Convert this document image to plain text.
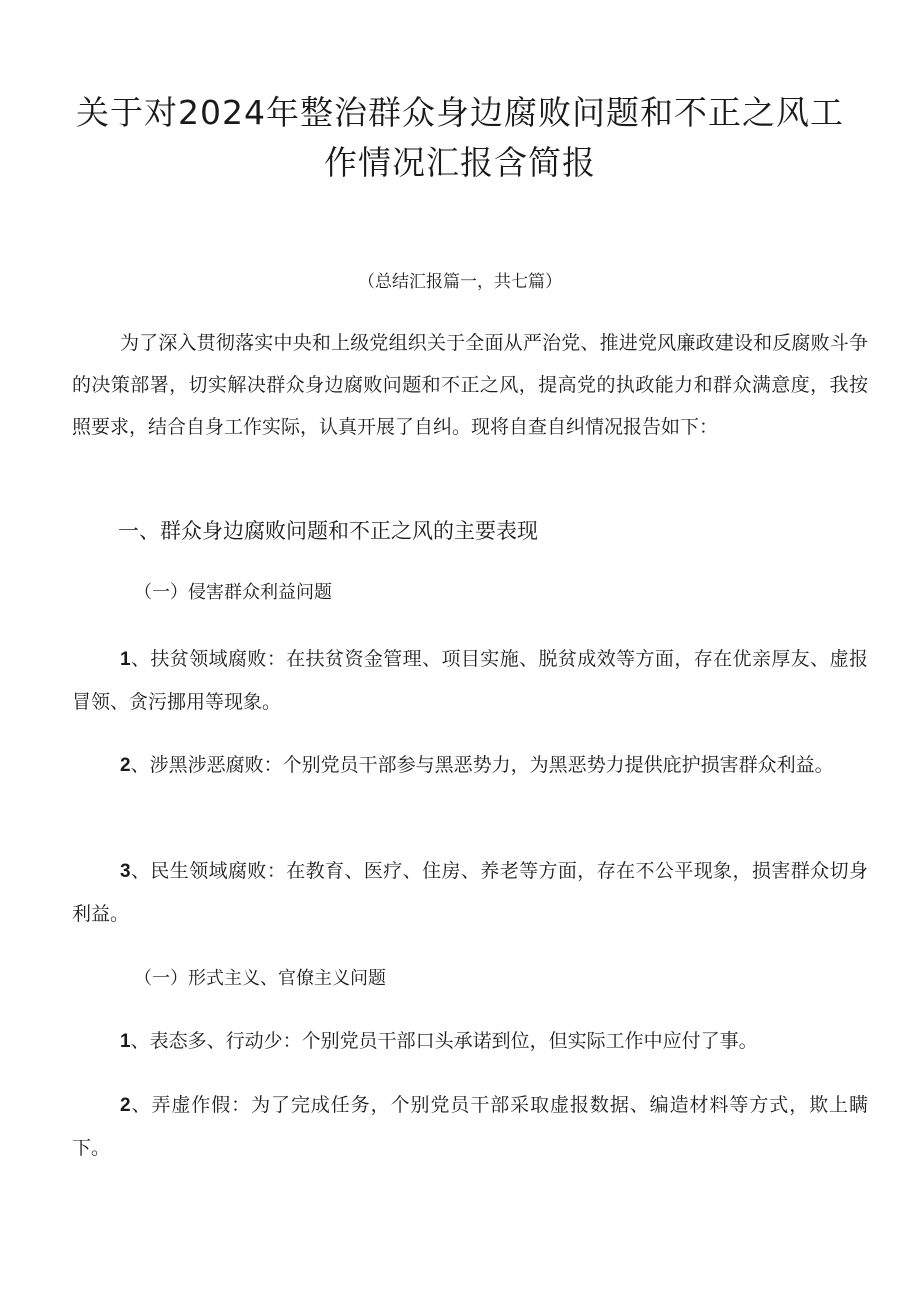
关于对2024年整治群众身边腐败问题和不正之风工
作情况汇报含简报
（总结汇报篇一，共七篇）

为了深入贯彻落实中央和上级党组织关于全面从严治党、推进党风廉政建设和反腐败斗争的决策部署，切实解决群众身边腐败问题和不正之风，提高党的执政能力和群众满意度，我按照要求，结合自身工作实际，认真开展了自纠。现将自查自纠情况报告如下：

一、群众身边腐败问题和不正之风的主要表现
（一）侵害群众利益问题

1、扶贫领域腐败：在扶贫资金管理、项目实施、脱贫成效等方面，存在优亲厚友、虚报冒领、贪污挪用等现象。

2、涉黑涉恶腐败：个别党员干部参与黑恶势力，为黑恶势力提供庇护损害群众利益。

3、民生领域腐败：在教育、医疗、住房、养老等方面，存在不公平现象，损害群众切身利益。

（一）形式主义、官僚主义问题

1、表态多、行动少：个别党员干部口头承诺到位，但实际工作中应付了事。

2、弄虚作假：为了完成任务，个别党员干部采取虚报数据、编造材料等方式，欺上瞒下。
